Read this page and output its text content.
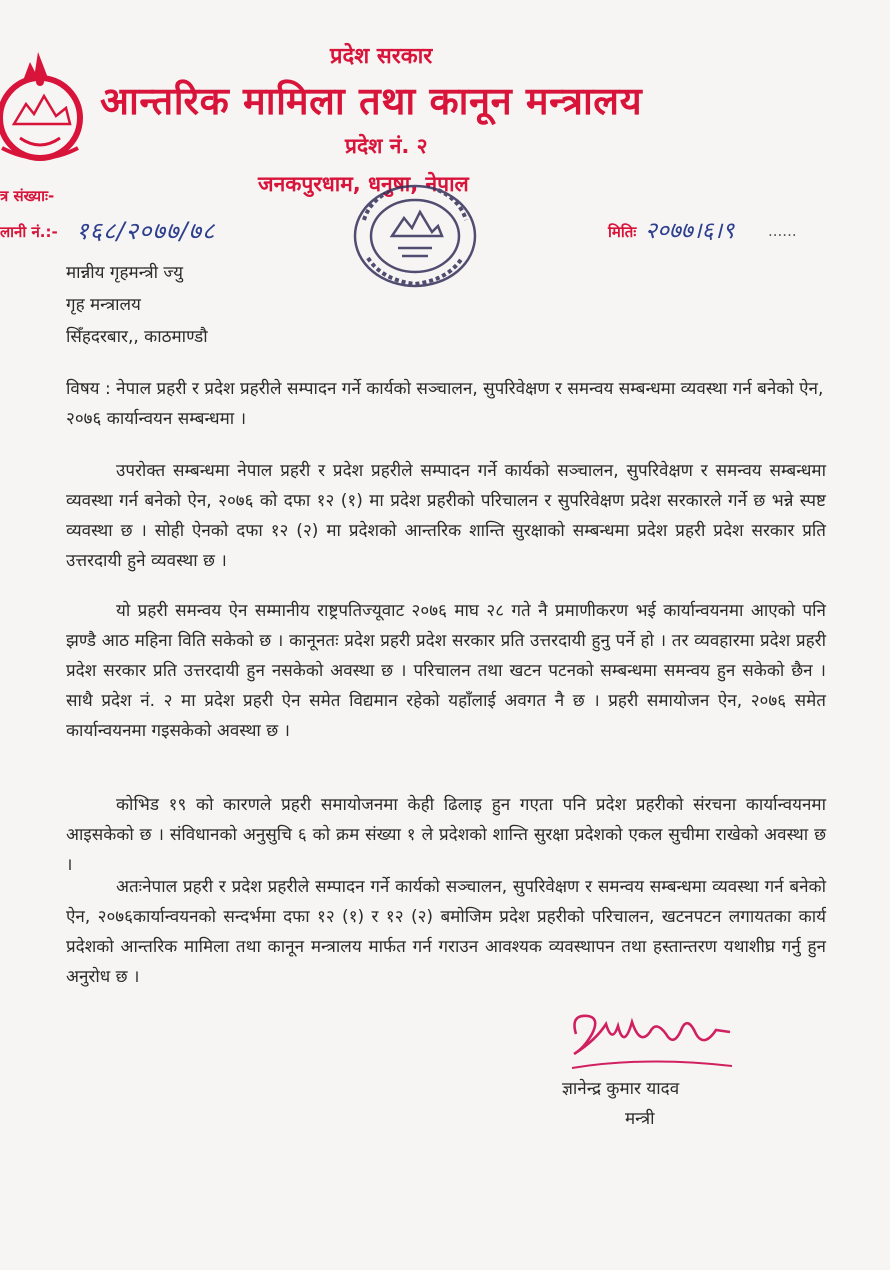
प्रदेश सरकार
आन्तरिक मामिला तथा कानून मन्त्रालय
प्रदेश नं. २
जनकपुरधाम, धनुषा, नेपाल
त्र संख्याः-
लानी नं.:- १६८/२०७७/७८	मितिः २०७७।६।९ ......
मान्नीय गृहमन्त्री ज्यु
गृह मन्त्रालय
सिँहदरबार,, काठमाण्डौ
विषय : नेपाल प्रहरी र प्रदेश प्रहरीले सम्पादन गर्ने कार्यको सञ्चालन, सुपरिवेक्षण र समन्वय सम्बन्धमा व्यवस्था गर्न बनेको ऐन, २०७६ कार्यान्वयन सम्बन्धमा ।
उपरोक्त सम्बन्धमा नेपाल प्रहरी र प्रदेश प्रहरीले सम्पादन गर्ने कार्यको सञ्चालन, सुपरिवेक्षण र समन्वय सम्बन्धमा व्यवस्था गर्न बनेको ऐन, २०७६ को दफा १२ (१) मा प्रदेश प्रहरीको परिचालन र सुपरिवेक्षण प्रदेश सरकारले गर्ने छ भन्ने स्पष्ट व्यवस्था छ । सोही ऐनको दफा १२ (२) मा प्रदेशको आन्तरिक शान्ति सुरक्षाको सम्बन्धमा प्रदेश प्रहरी प्रदेश सरकार प्रति उत्तरदायी हुने व्यवस्था छ ।
यो प्रहरी समन्वय ऐन सम्मानीय राष्ट्रपतिज्यूवाट २०७६ माघ २८ गते नै प्रमाणीकरण भई कार्यान्वयनमा आएको पनि झण्डै आठ महिना विति सकेको छ । कानूनतः प्रदेश प्रहरी प्रदेश सरकार प्रति उत्तरदायी हुनु पर्ने हो । तर व्यवहारमा प्रदेश प्रहरी प्रदेश सरकार प्रति उत्तरदायी हुन नसकेको अवस्था छ । परिचालन तथा खटन पटनको सम्बन्धमा समन्वय हुन सकेको छैन । साथै प्रदेश नं. २ मा प्रदेश प्रहरी ऐन समेत विद्यमान रहेको यहाँलाई अवगत नै छ । प्रहरी समायोजन ऐन, २०७६ समेत कार्यान्वयनमा गइसकेको अवस्था छ ।
कोभिड १९ को कारणले प्रहरी समायोजनमा केही ढिलाइ हुन गएता पनि प्रदेश प्रहरीको संरचना कार्यान्वयनमा आइसकेको छ । संविधानको अनुसुचि ६ को क्रम संख्या १ ले प्रदेशको शान्ति सुरक्षा प्रदेशको एकल सुचीमा राखेको अवस्था छ ।
अतःनेपाल प्रहरी र प्रदेश प्रहरीले सम्पादन गर्ने कार्यको सञ्चालन, सुपरिवेक्षण र समन्वय सम्बन्धमा व्यवस्था गर्न बनेको ऐन, २०७६कार्यान्वयनको सन्दर्भमा दफा १२ (१) र १२ (२) बमोजिम प्रदेश प्रहरीको परिचालन, खटनपटन लगायतका कार्य प्रदेशको आन्तरिक मामिला तथा कानून मन्त्रालय मार्फत गर्न गराउन आवश्यक व्यवस्थापन तथा हस्तान्तरण यथाशीघ्र गर्नु हुन अनुरोध छ ।
ज्ञानेन्द्र कुमार यादव
मन्त्री
